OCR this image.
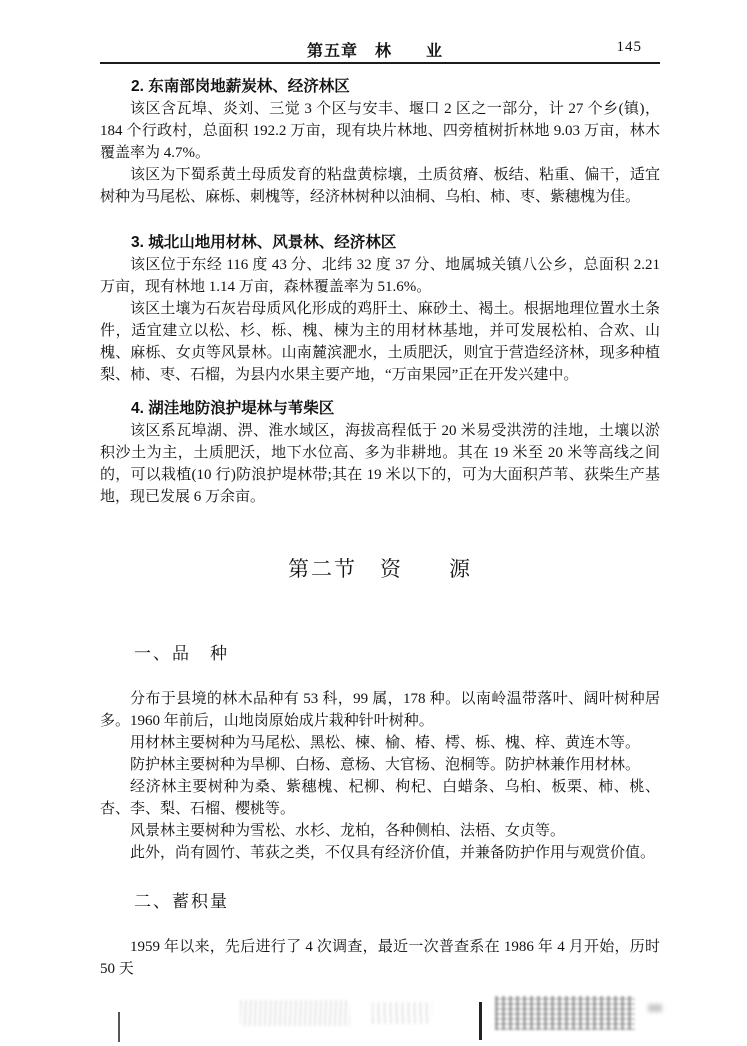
第五章　林　　业	145
2. 东南部岗地薪炭林、经济林区

该区含瓦埠、炎刘、三觉 3 个区与安丰、堰口 2 区之一部分，计 27 个乡(镇)，184 个行政村，总面积 192.2 万亩，现有块片林地、四旁植树折林地 9.03 万亩，林木覆盖率为 4.7%。

该区为下蜀系黄土母质发育的粘盘黄棕壤，土质贫瘠、板结、粘重、偏干，适宜树种为马尾松、麻栎、刺槐等，经济林树种以油桐、乌桕、柿、枣、紫穗槐为佳。

3. 城北山地用材林、风景林、经济林区

该区位于东经 116 度 43 分、北纬 32 度 37 分、地属城关镇八公乡，总面积 2.21 万亩，现有林地 1.14 万亩，森林覆盖率为 51.6%。

该区土壤为石灰岩母质风化形成的鸡肝土、麻砂土、褐土。根据地理位置水土条件，适宜建立以松、杉、栎、槐、楝为主的用材林基地，并可发展松柏、合欢、山槐、麻栎、女贞等风景林。山南麓滨淝水，土质肥沃，则宜于营造经济林，现多种植梨、柿、枣、石榴，为县内水果主要产地，“万亩果园”正在开发兴建中。

4. 湖洼地防浪护堤林与苇柴区

该区系瓦埠湖、淠、淮水域区，海拔高程低于 20 米易受洪涝的洼地，土壤以淤积沙土为主，土质肥沃，地下水位高、多为非耕地。其在 19 米至 20 米等高线之间的，可以栽植(10 行)防浪护堤林带;其在 19 米以下的，可为大面积芦苇、荻柴生产基地，现已发展 6 万余亩。

第二节　资　　源
一、品　种

分布于县境的林木品种有 53 科，99 属，178 种。以南岭温带落叶、阔叶树种居多。1960 年前后，山地岗原始成片栽种针叶树种。

用材林主要树种为马尾松、黑松、楝、榆、椿、樗、栎、槐、梓、黄连木等。

防护林主要树种为旱柳、白杨、意杨、大官杨、泡桐等。防护林兼作用材林。

经济林主要树种为桑、紫穗槐、杞柳、枸杞、白蜡条、乌桕、板栗、柿、桃、杏、李、梨、石榴、樱桃等。

风景林主要树种为雪松、水杉、龙柏，各种侧柏、法梧、女贞等。

此外，尚有圆竹、苇荻之类，不仅具有经济价值，并兼备防护作用与观赏价值。

二、蓄积量

1959 年以来，先后进行了 4 次调查，最近一次普查系在 1986 年 4 月开始，历时 50 天
